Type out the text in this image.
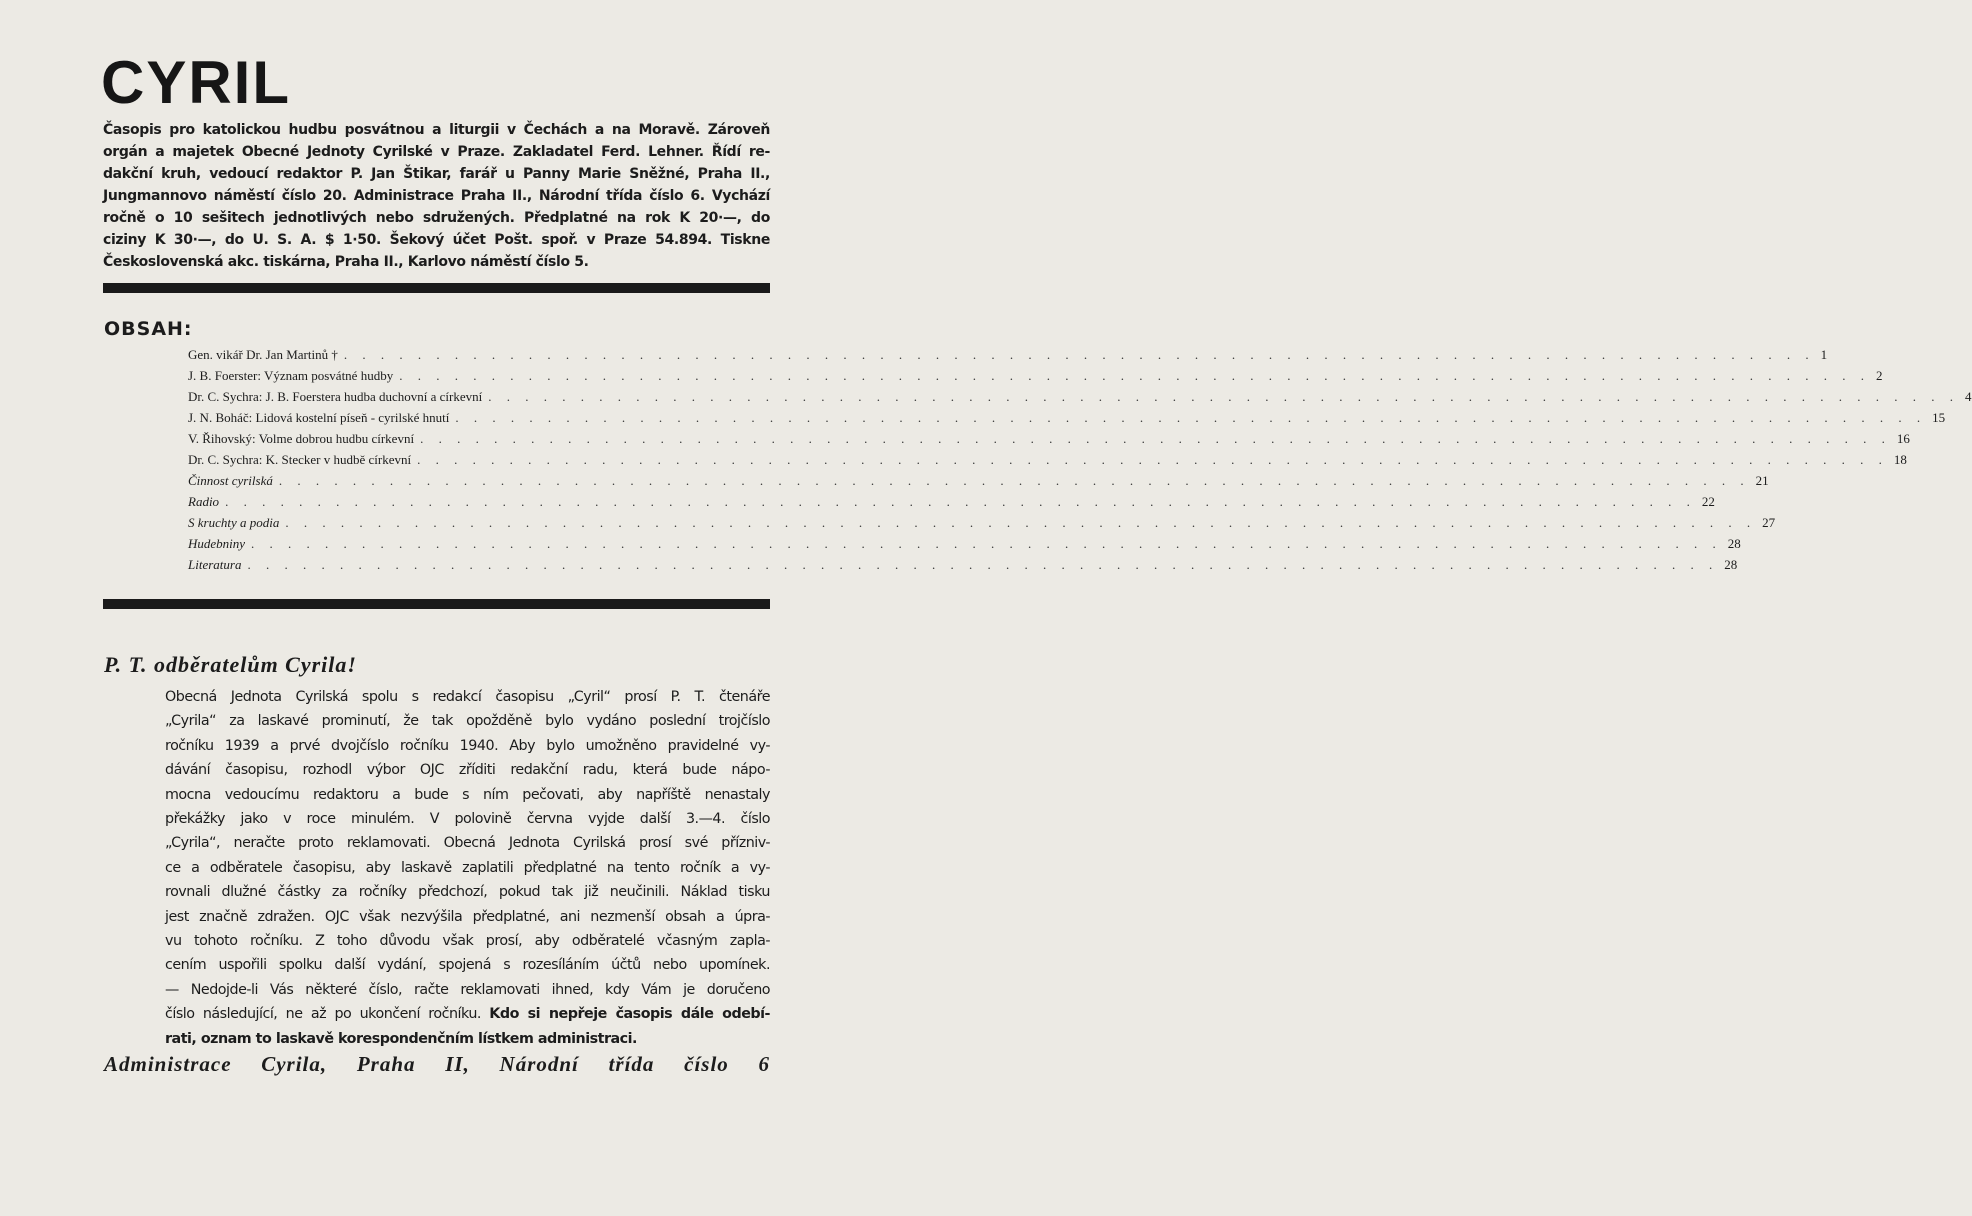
CYRIL
Časopis pro katolickou hudbu posvátnou a liturgii v Čechách a na Moravě. Zároveň
orgán a majetek Obecné Jednoty Cyrilské v Praze. Zakladatel Ferd. Lehner. Řídí re-
dakční kruh, vedoucí redaktor P. Jan Štikar, farář u Panny Marie Sněžné, Praha II.,
Jungmannovo náměstí číslo 20. Administrace Praha II., Národní třída číslo 6. Vychází
ročně o 10 sešitech jednotlivých nebo sdružených. Předplatné na rok K 20·—, do
ciziny K 30·—, do U. S. A. $ 1·50. Šekový účet Pošt. spoř. v Praze 54.894. Tiskne
Československá akc. tiskárna, Praha II., Karlovo náměstí číslo 5.
OBSAH:
Gen. vikář Dr. Jan Martinů † . . . . . . . . . . . . . . . . . . . . . . . . . . . . . . . . . . . . . . . . . . . . . . . . . . . . . . . . . . . . . . . . . . . . . . . . . . . . . . . . 1
J. B. Foerster: Význam posvátné hudby . . . . . . . . . . . . . . . . . . . . . . . . . . . . . . . . . . . . . . . . . . . . . . . . . . . . . . . . . . . . . . . . . . . . . . . . . . . . . . . . 2
Dr. C. Sychra: J. B. Foerstera hudba duchovní a církevní . . . . . . . . . . . . . . . . . . . . . . . . . . . . . . . . . . . . . . . . . . . . . . . . . . . . . . . . . . . . . . . . . . . . . . . . . . . . . . . . 4
J. N. Boháč: Lidová kostelní píseň - cyrilské hnutí . . . . . . . . . . . . . . . . . . . . . . . . . . . . . . . . . . . . . . . . . . . . . . . . . . . . . . . . . . . . . . . . . . . . . . . . . . . . . . . . 15
V. Řihovský: Volme dobrou hudbu církevní . . . . . . . . . . . . . . . . . . . . . . . . . . . . . . . . . . . . . . . . . . . . . . . . . . . . . . . . . . . . . . . . . . . . . . . . . . . . . . . . 16
Dr. C. Sychra: K. Stecker v hudbě církevní . . . . . . . . . . . . . . . . . . . . . . . . . . . . . . . . . . . . . . . . . . . . . . . . . . . . . . . . . . . . . . . . . . . . . . . . . . . . . . . . 18
Činnost cyrilská . . . . . . . . . . . . . . . . . . . . . . . . . . . . . . . . . . . . . . . . . . . . . . . . . . . . . . . . . . . . . . . . . . . . . . . . . . . . . . . . 21
Radio . . . . . . . . . . . . . . . . . . . . . . . . . . . . . . . . . . . . . . . . . . . . . . . . . . . . . . . . . . . . . . . . . . . . . . . . . . . . . . . . 22
S kruchty a podia . . . . . . . . . . . . . . . . . . . . . . . . . . . . . . . . . . . . . . . . . . . . . . . . . . . . . . . . . . . . . . . . . . . . . . . . . . . . . . . . 27
Hudebniny . . . . . . . . . . . . . . . . . . . . . . . . . . . . . . . . . . . . . . . . . . . . . . . . . . . . . . . . . . . . . . . . . . . . . . . . . . . . . . . . 28
Literatura . . . . . . . . . . . . . . . . . . . . . . . . . . . . . . . . . . . . . . . . . . . . . . . . . . . . . . . . . . . . . . . . . . . . . . . . . . . . . . . . 28
P. T. odběratelům Cyrila!
Obecná Jednota Cyrilská spolu s redakcí časopisu „Cyril“ prosí P. T. čtenáře
„Cyrila“ za laskavé prominutí, že tak opožděně bylo vydáno poslední trojčíslo
ročníku 1939 a prvé dvojčíslo ročníku 1940. Aby bylo umožněno pravidelné vy-
dávání časopisu, rozhodl výbor OJC zříditi redakční radu, která bude nápo-
mocna vedoucímu redaktoru a bude s ním pečovati, aby napříště nenastaly
překážky jako v roce minulém. V polovině června vyjde další 3.—4. číslo
„Cyrila“, neračte proto reklamovati. Obecná Jednota Cyrilská prosí své přízniv-
ce a odběratele časopisu, aby laskavě zaplatili předplatné na tento ročník a vy-
rovnali dlužné částky za ročníky předchozí, pokud tak již neučinili. Náklad tisku
jest značně zdražen. OJC však nezvýšila předplatné, ani nezmenší obsah a úpra-
vu tohoto ročníku. Z toho důvodu však prosí, aby odběratelé včasným zapla-
cením uspořili spolku další vydání, spojená s rozesíláním účtů nebo upomínek.
— Nedojde-li Vás některé číslo, račte reklamovati ihned, kdy Vám je doručeno
číslo následující, ne až po ukončení ročníku. Kdo si nepřeje časopis dále odebí-
rati, oznam to laskavě korespondenčním lístkem administraci.
Administrace Cyrila, Praha II, Národní třída číslo 6
